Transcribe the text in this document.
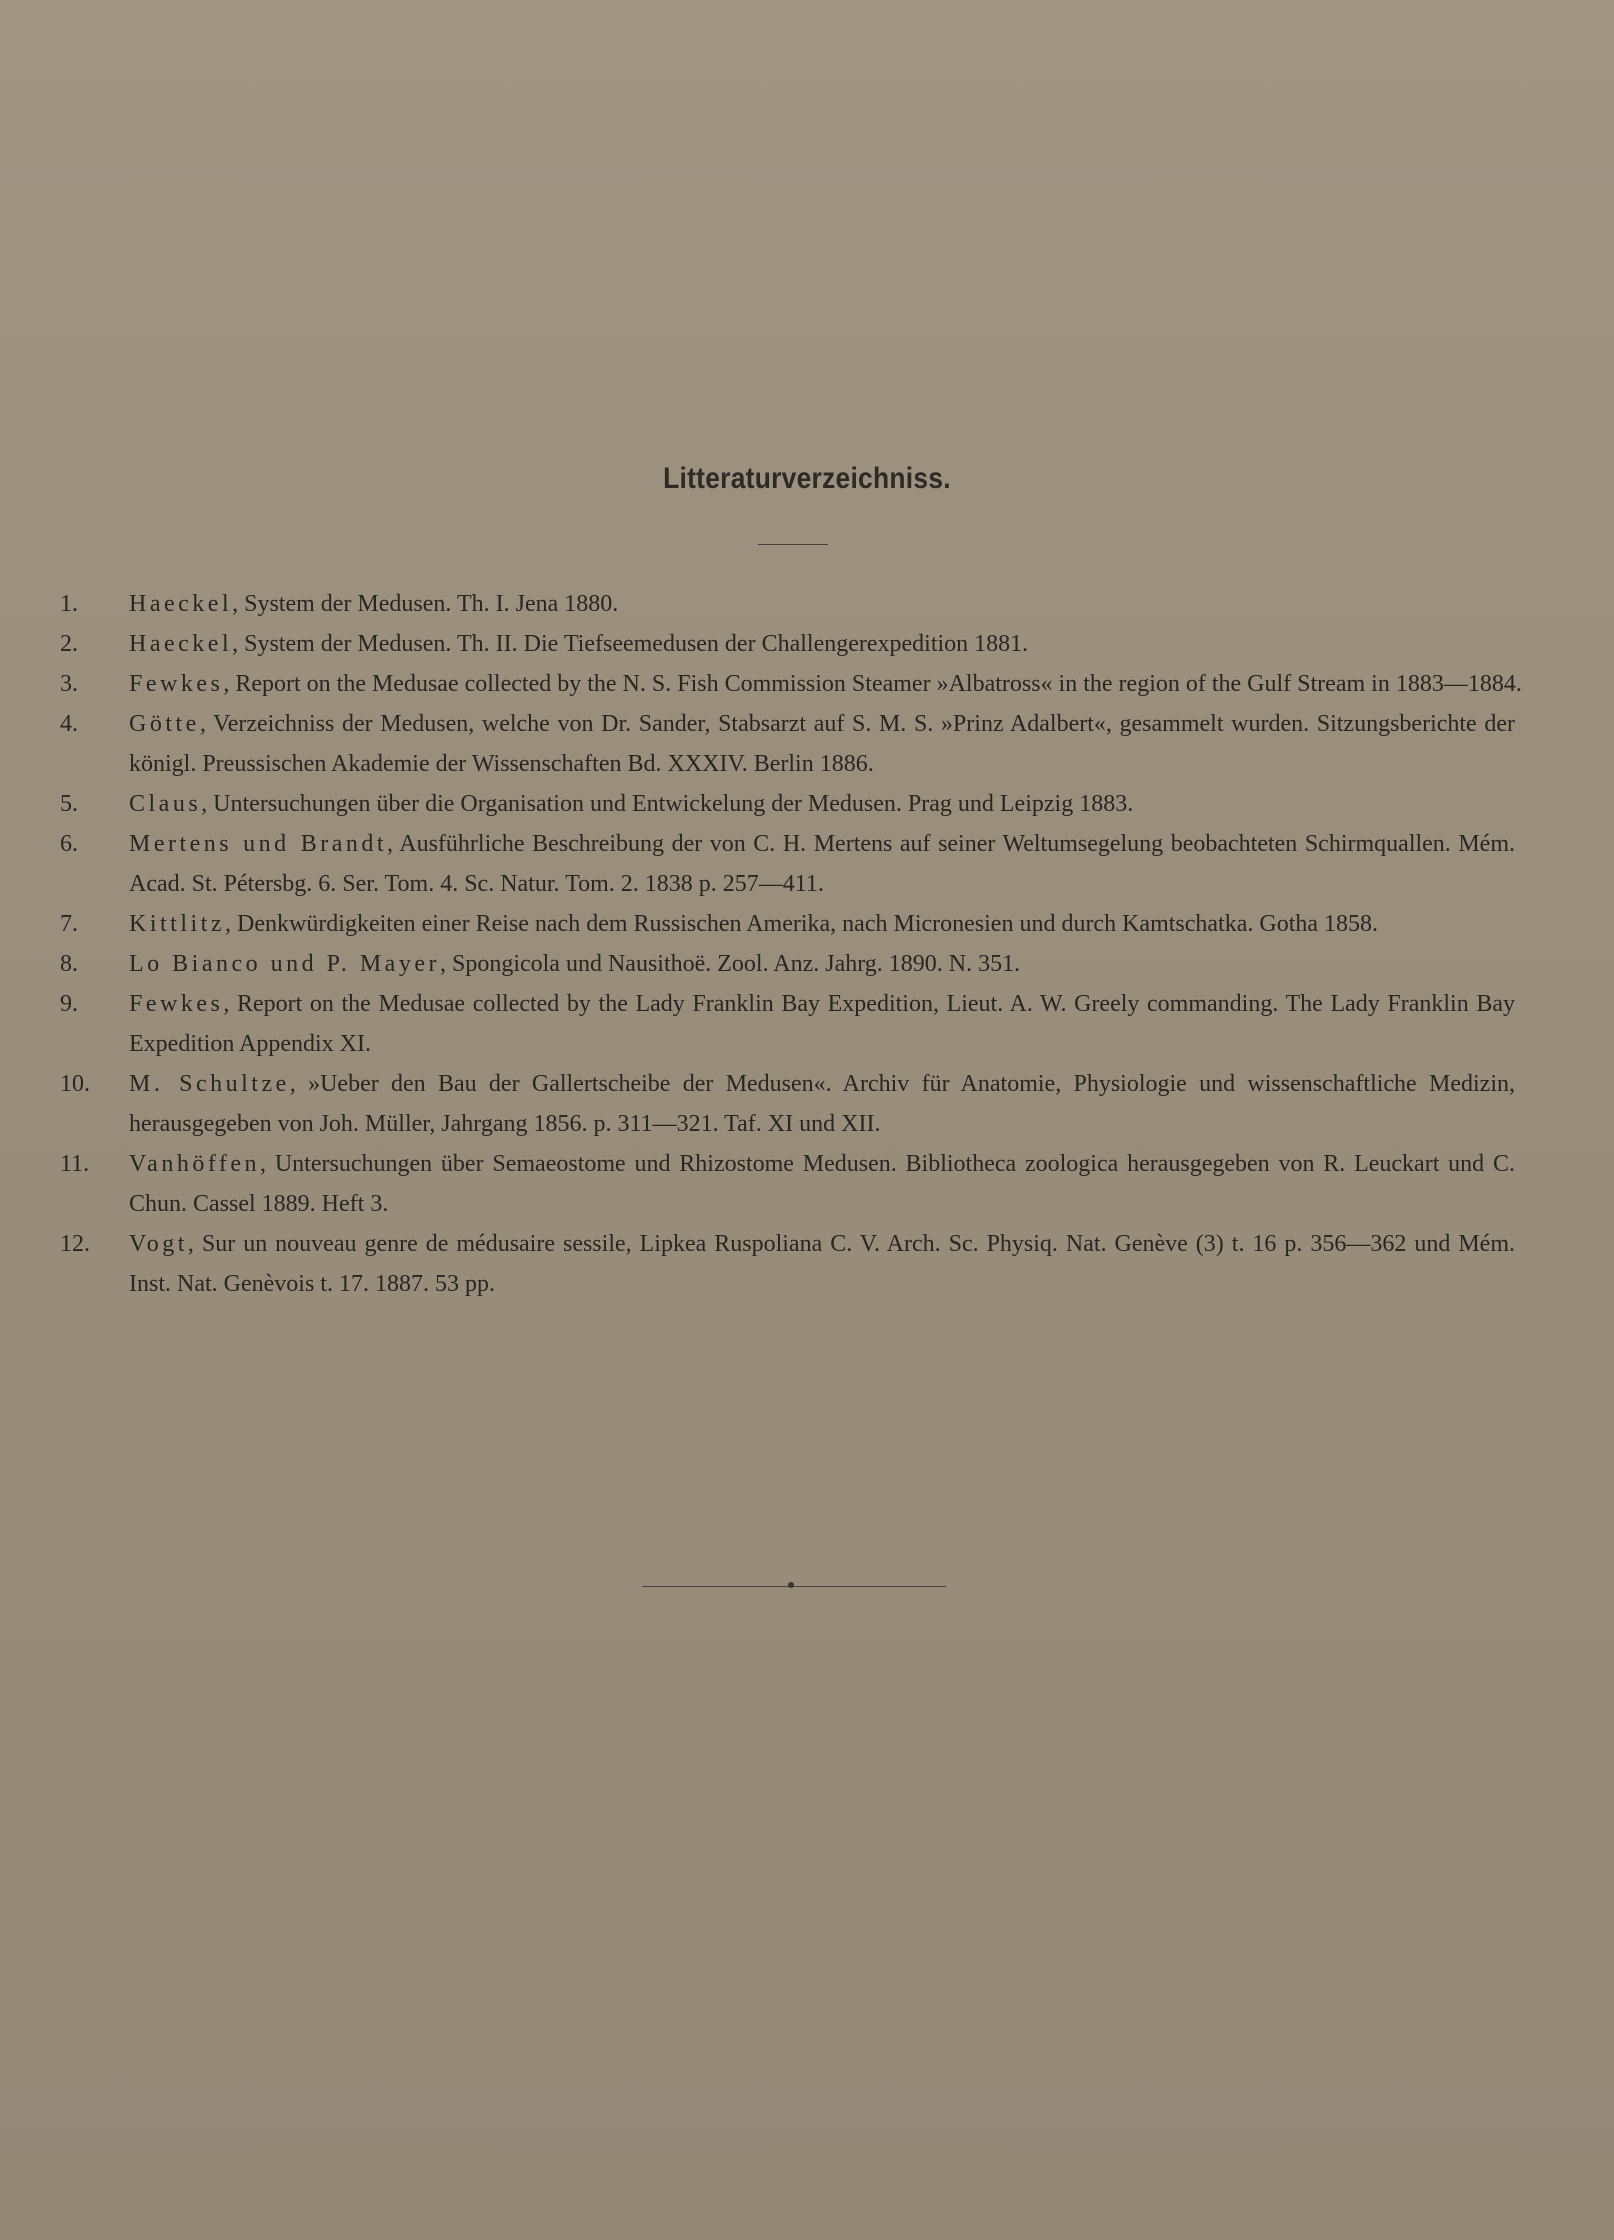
Litteraturverzeichniss.
1.	Haeckel, System der Medusen. Th. I. Jena 1880.
2.	Haeckel, System der Medusen. Th. II. Die Tiefseemedusen der Challengerexpedition 1881.
3.	Fewkes, Report on the Medusae collected by the N. S. Fish Commission Steamer »Albatross« in the region of the Gulf Stream in 1883—1884.
4.	Götte, Verzeichniss der Medusen, welche von Dr. Sander, Stabsarzt auf S. M. S. »Prinz Adalbert«, gesammelt wurden. Sitzungsberichte der königl. Preussischen Akademie der Wissenschaften Bd. XXXIV. Berlin 1886.
5.	Claus, Untersuchungen über die Organisation und Entwickelung der Medusen. Prag und Leipzig 1883.
6.	Mertens und Brandt, Ausführliche Beschreibung der von C. H. Mertens auf seiner Weltumsegelung beobachteten Schirmquallen. Mém. Acad. St. Pétersbg. 6. Ser. Tom. 4. Sc. Natur. Tom. 2. 1838 p. 257—411.
7.	Kittlitz, Denkwürdigkeiten einer Reise nach dem Russischen Amerika, nach Micronesien und durch Kamtschatka. Gotha 1858.
8.	Lo Bianco und P. Mayer, Spongicola und Nausithoë. Zool. Anz. Jahrg. 1890. N. 351.
9.	Fewkes, Report on the Medusae collected by the Lady Franklin Bay Expedition, Lieut. A. W. Greely commanding. The Lady Franklin Bay Expedition Appendix XI.
10.	M. Schultze, »Ueber den Bau der Gallertscheibe der Medusen«. Archiv für Anatomie, Physiologie und wissenschaftliche Medizin, herausgegeben von Joh. Müller, Jahrgang 1856. p. 311—321. Taf. XI und XII.
11.	Vanhöffen, Untersuchungen über Semaeostome und Rhizostome Medusen. Bibliotheca zoologica herausgegeben von R. Leuckart und C. Chun. Cassel 1889. Heft 3.
12.	Vogt, Sur un nouveau genre de médusaire sessile, Lipkea Ruspoliana C. V. Arch. Sc. Physiq. Nat. Genève (3) t. 16 p. 356—362 und Mém. Inst. Nat. Genèvois t. 17. 1887. 53 pp.
